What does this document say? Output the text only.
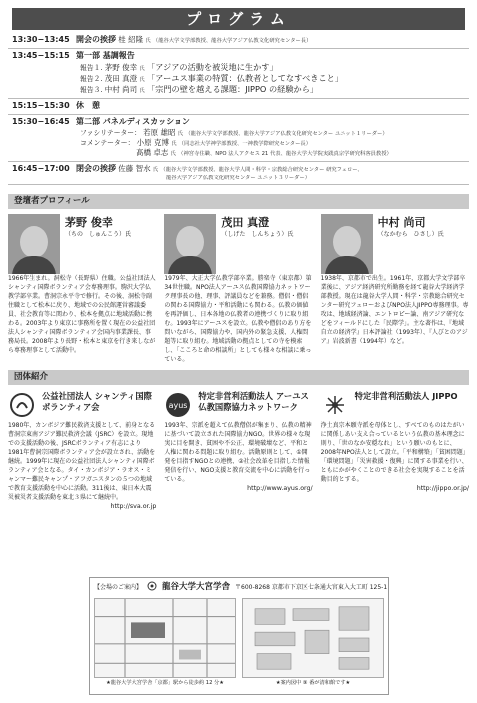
プログラム
13:30−13:45 開会の挨拶 桂 紹隆 氏 （龍谷大学文学部教授、龍谷大学アジア仏教文化研究センター長）
13:45−15:15 第一部 基調報告
報告１. 茅野 俊幸 氏 「アジアの活動を被災地に生かす」
報告２. 茂田 真澄 氏 「アーユス事業の特質：仏教者としてなすべきこと」
報告３. 中村 尚司 氏 「宗門の壁を越える課題：JIPPO の経験から」
15:15−15:30 休　憩
15:30−16:45 第二部 パネルディスカッション
ファシリテーター： 若原 雄昭 氏 （龍谷大学文学部教授、龍谷大学アジア仏教文化研究センター ユニット１リーダー）
コメンテーター： 小原 克博 氏 （同志社大学神学部教授、一神教学際研究センター長）
髙橋 卓志 氏 （神宮寺住職、NPO 法人アクセス 21 代表、龍谷大学大学院実践真宗学研究科客員教授）
16:45−17:00 閉会の挨拶 佐藤 智水 氏 （龍谷大学文学部教授、龍谷大学人間・科学・宗教総合研究センター 研究フェロー、
龍谷大学アジア仏教文化研究センター ユニット３リーダー）
登壇者プロフィール
茅野 俊幸
（ちの　しゅんこう）氏
1966年生まれ。洞松寺（長野県）住職。公益社団法人シャンティ国際ボランティア会専務理事。駒沢大学仏教学部卒業。曹洞宗永平寺で修行。その後、洞松寺副住職として松本に戻り、地域での公民館運営審議委員、社会教育等に関わり、松本を拠点に地域活動に携わる。2003年より東京に事務所を置く現在の公益社団法人シャンティ国際ボランティア会国内事業課長、事務局長。2008年より長野・松本と東京を行き来しながら専務理事として活動中。
茂田 真澄
（しげた　しんちょう）氏
1979年、大正大学仏教学部卒業。勝楽寺（東京都）第34世住職。NPO法人アーユス仏教国際協力ネットワーク理事長の他、理事、評議員などを兼務。僧侶・僧侶の関わる国際協力・平和活動にも関わる。仏教の価値を再評価し、日本各地の仏教者の連携づくりに取り組む。1993年にアーユスを設立。仏教や僧侶のあり方を問いながら、国際協力や、国内外の緊急支援、人権問題等に取り組む。地域活動の拠点としての寺を模索し、「こころと命の相談所」としても様々な相談に乗っている。
中村 尚司
（なかむら　ひさし）氏
1938年、京都市で出生。1961年、京都大学文学部卒業後に、アジア経済研究所勤務を経て龍谷大学経済学部教授。現在は龍谷大学人間・科学・宗教総合研究センター研究フェローおよびNPO法人JIPPO専務理事。専攻は、地域経済論、エントロピー論、南アジア研究などをフィールドにした「民際学」。主な著作は、『地域自立の経済学』日本評論社（1993年）、『人びとのアジア』岩波新書（1994年）など。
団体紹介
公益社団法人 シャンティ国際ボランティア会
1980年、カンボジア難民救済支援として、前身となる曹洞宗東南アジア難民救済会議（JSRC）を設立。現地での支援活動の後、JSRCボランティア有志により1981年曹洞宗国際ボランティア会が設立され、活動を継続。1999年に現在の公益社団法人シャンティ国際ボランティア会となる。タイ・カンボジア・ラオス・ミャンマー難民キャンプ・アフガニスタンの５つの地域で教育支援活動を中心に活動。311後は、東日本大震災被災者支援活動を東北３県にて継続中。
http://sva.or.jp
ayus
特定非営利活動法人 アーユス仏教国際協力ネットワーク
1993年、宗派を超えて仏教僧侶が集まり、仏教の精神に基づいて設立された国際協力NGO。世界の様々な現実に目を開き、貧困や不公正、環境破壊など、平和と人権に関わる問題に取り組む。活動原則として、①開発を目指すNGOとの連携、②社会改革を目指した情報発信を行い、NGO支援と教育交流を中心に活動を行っている。
http://www.ayus.org/
特定非営利活動法人 JIPPO
浄土真宗本願寺派を母体とし、すべてのものはたがいに関係しあい支え合っているという仏教の基本理念に則り、「世のなか安穏なれ」という願いのもとに、2008年NPO法人として設立。「平和構築」「貧困問題」「環境問題」「災害救援・復興」に関する事業を行い、ともにかがやくことのできる社会を実現することを活動目的とする。
http://jippo.or.jp/
【会場のご案内】 龍谷大学大宮学舎 〒600-8268 京都市下京区七条通大宮東入大工町 125-1
★龍谷大学大宮学舎「京都」駅から徒歩約 12 分★	★案内図中 ⑨ 番が清和館です★
